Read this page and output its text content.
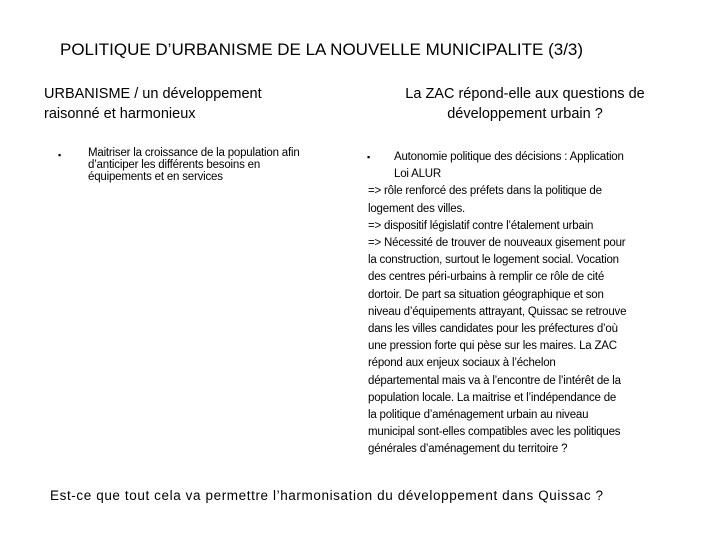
POLITIQUE D’URBANISME DE LA NOUVELLE MUNICIPALITE (3/3)
URBANISME / un développement
raisonné et harmonieux
▪ Maitriser la croissance de la population afin
d’anticiper les différents besoins en
équipements et en services
La ZAC répond-elle aux questions de
développement urbain ?
▪	Autonomie politique des décisions : Application
Loi ALUR
=> rôle renforcé des préfets dans la politique de
logement des villes.
=> dispositif législatif contre l’étalement urbain
=> Nécessité de trouver de nouveaux gisement pour
la construction, surtout le logement social. Vocation
des centres péri-urbains à remplir ce rôle de cité
dortoir. De part sa situation géographique et son
niveau d’équipements attrayant, Quissac se retrouve
dans les villes candidates pour les préfectures d’où
une pression forte qui pèse sur les maires. La ZAC
répond aux enjeux sociaux à l’échelon
départemental mais va à l’encontre de l’intérêt de la
population locale. La maitrise et l’indépendance de
la politique d’aménagement urbain au niveau
municipal sont-elles compatibles avec les politiques
générales d’aménagement du territoire ?
Est-ce que tout cela va permettre l’harmonisation du développement dans Quissac ?
